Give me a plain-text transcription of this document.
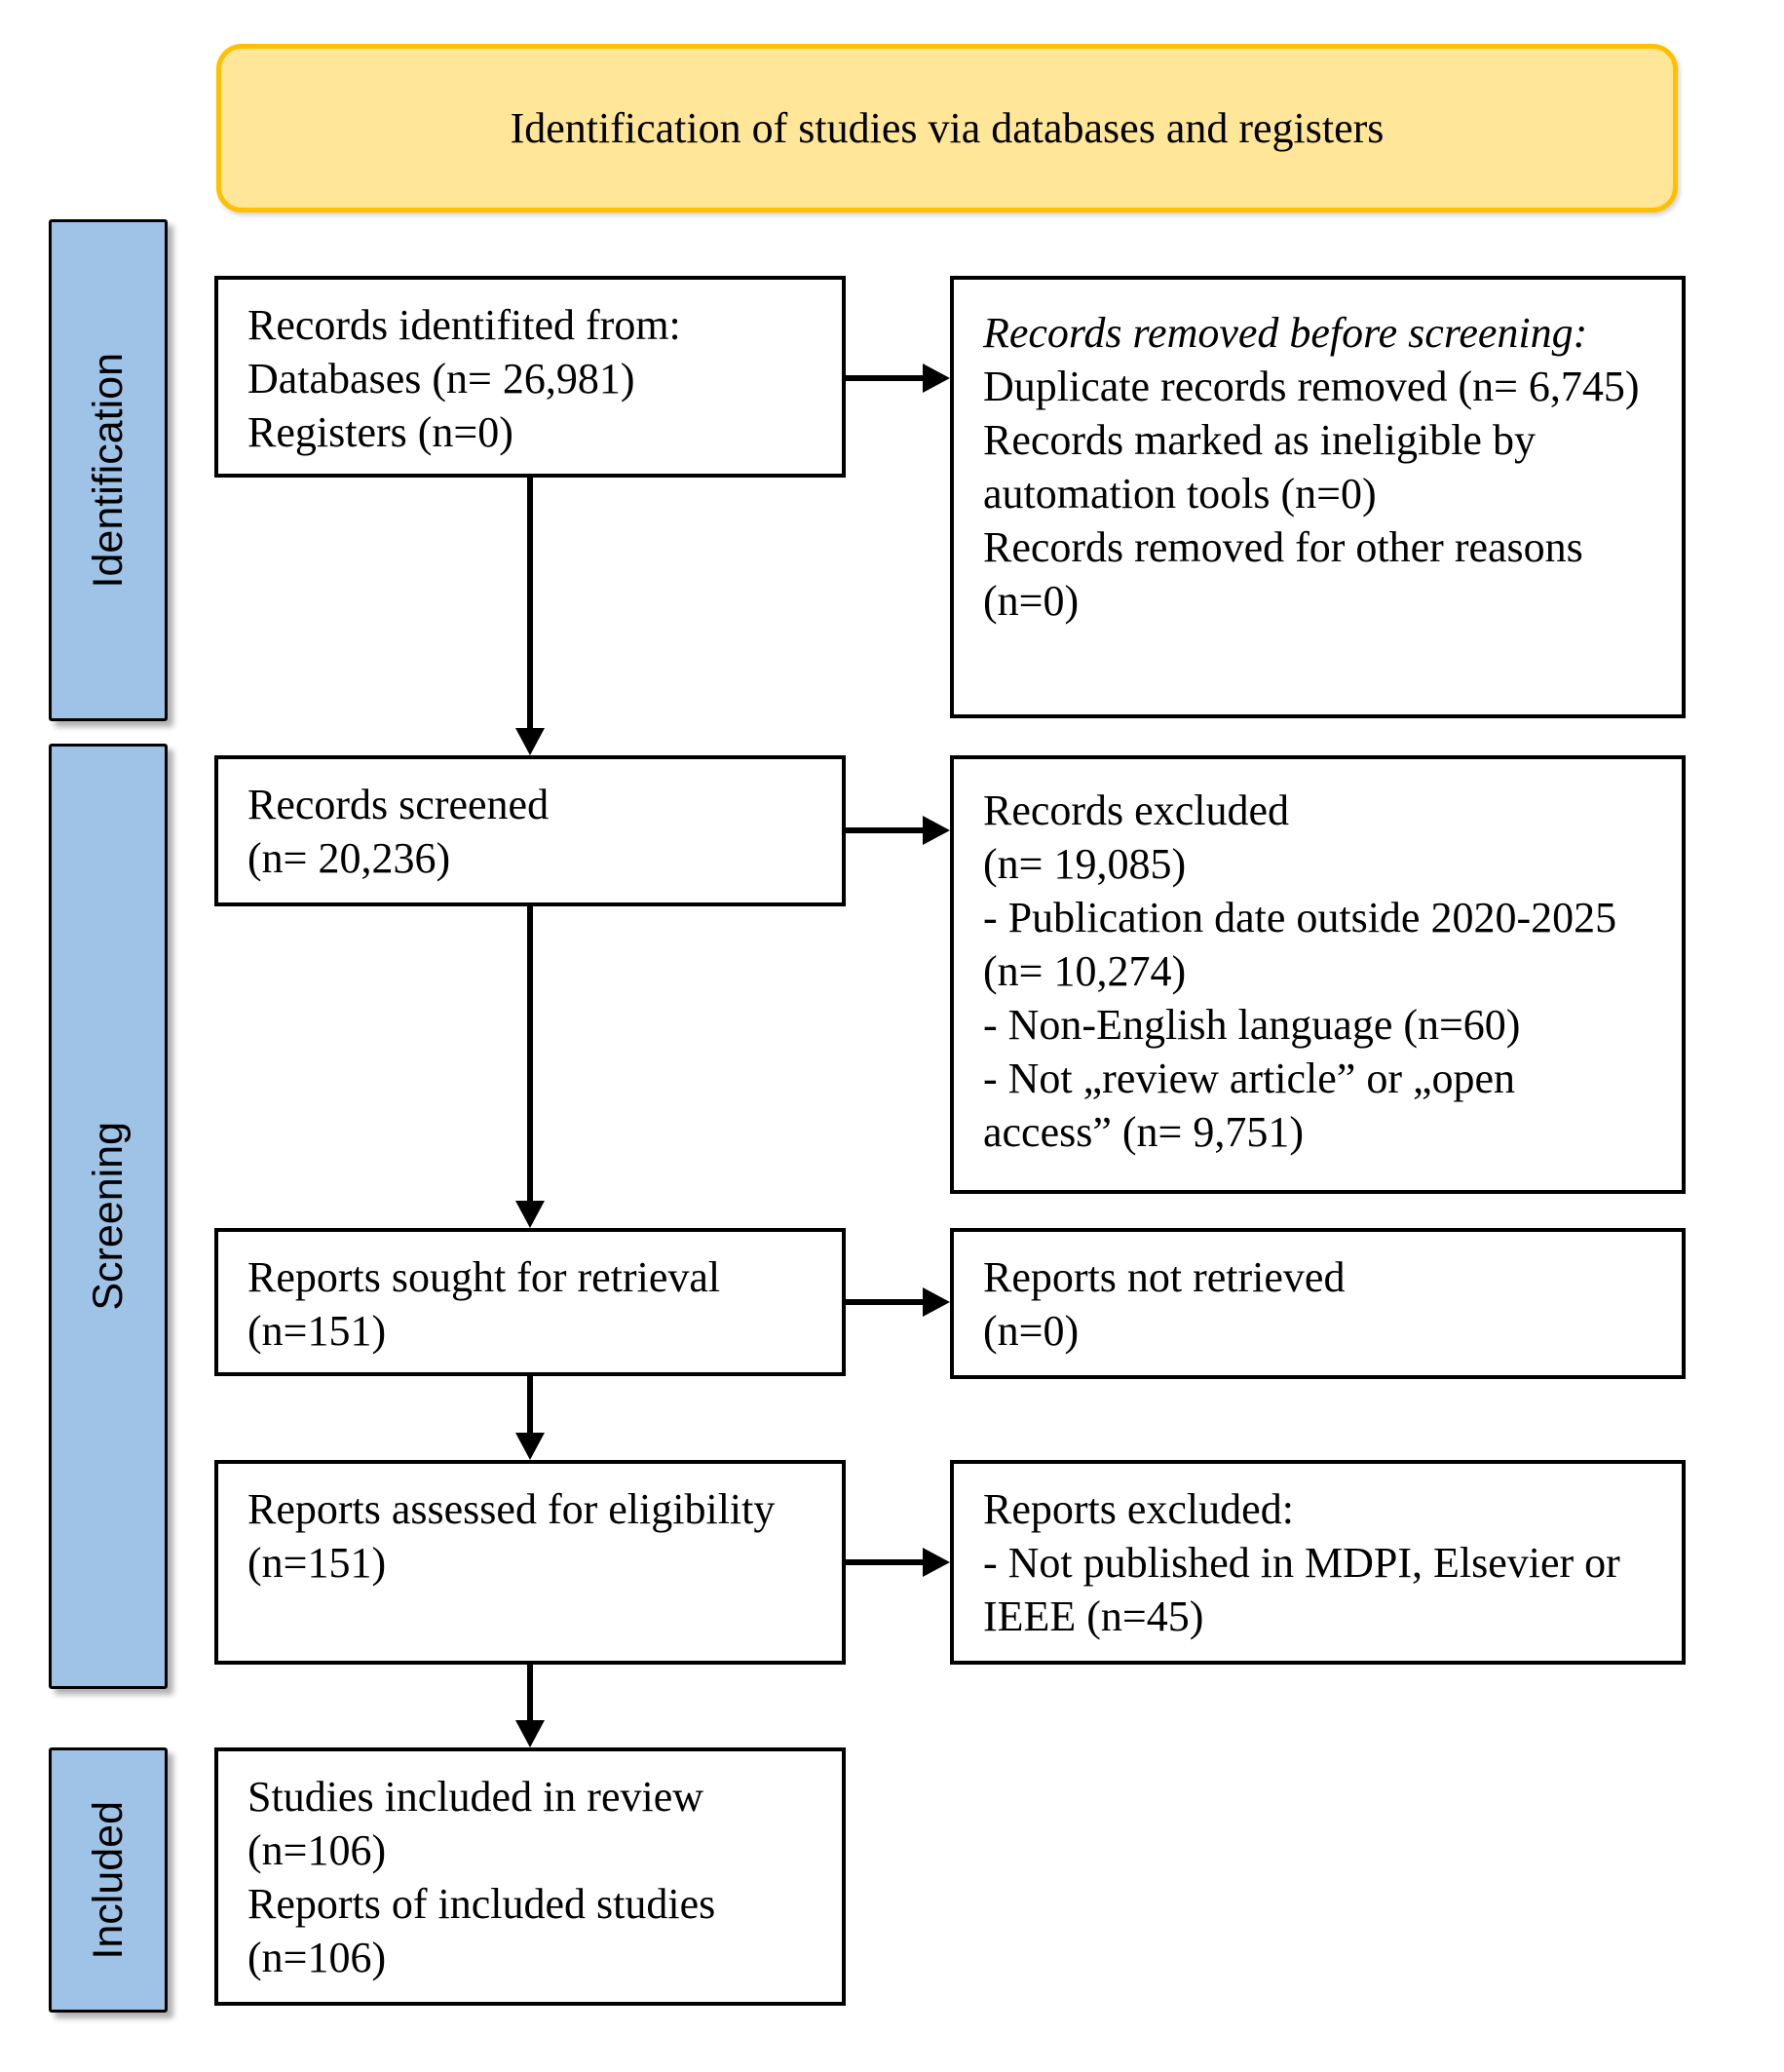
Identification of studies via databases and registers
Identification
Screening
Included
Records identifited from:
Databases (n= 26,981)
Registers (n=0)
Records removed before screening:
Duplicate records removed (n= 6,745)
Records marked as ineligible by automation tools (n=0)
Records removed for other reasons (n=0)
Records screened
(n= 20,236)
Records excluded
(n= 19,085)
- Publication date outside 2020-2025 (n= 10,274)
- Non-English language (n=60)
- Not „review article” or „open access” (n= 9,751)
Reports sought for retrieval
(n=151)
Reports not retrieved
(n=0)
Reports assessed for eligibility
(n=151)
Reports excluded:
- Not published in MDPI, Elsevier or IEEE (n=45)
Studies included in review
(n=106)
Reports of included studies
(n=106)
